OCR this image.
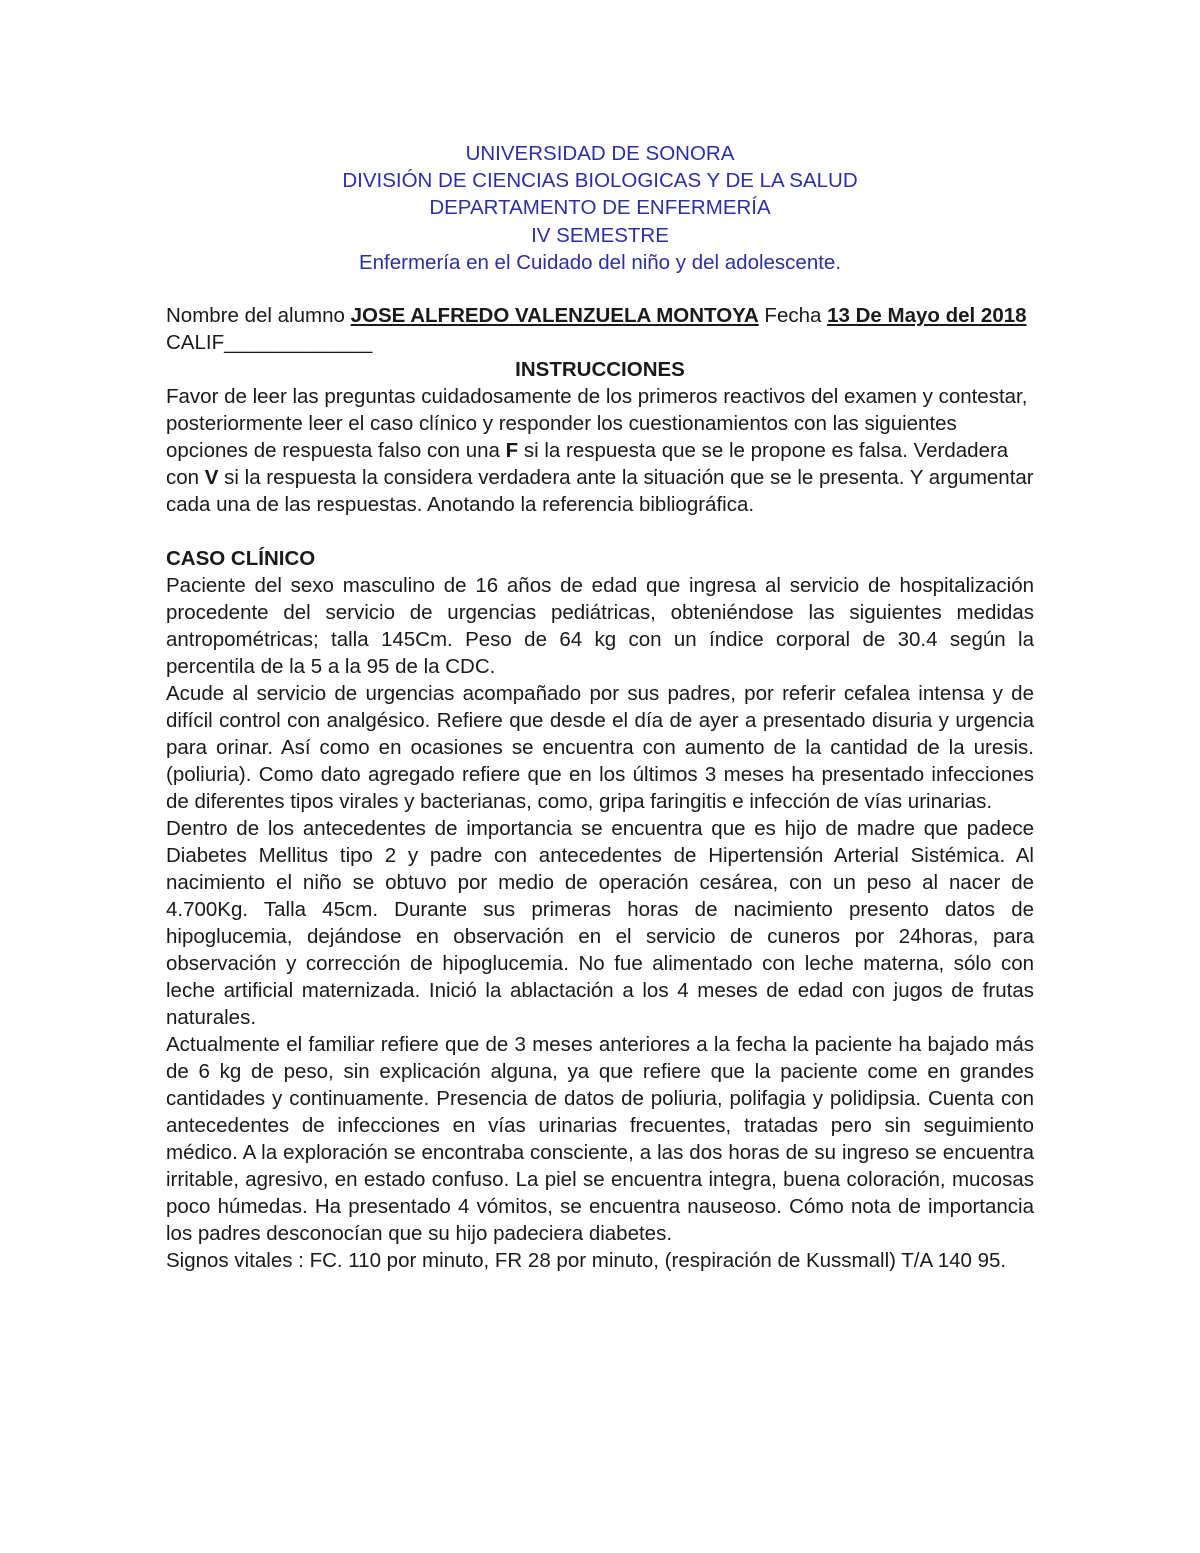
UNIVERSIDAD DE SONORA
DIVISIÓN DE CIENCIAS BIOLOGICAS Y DE LA SALUD
DEPARTAMENTO DE ENFERMERÍA
IV SEMESTRE
Enfermería en el Cuidado del niño y del adolescente.

Nombre del alumno JOSE ALFREDO VALENZUELA MONTOYA Fecha 13 De Mayo del 2018 CALIF_____________

INSTRUCCIONES

Favor de leer las preguntas cuidadosamente de los primeros reactivos del examen y contestar, posteriormente leer el caso clínico y responder los cuestionamientos con las siguientes opciones de respuesta falso con una F si la respuesta que se le propone es falsa. Verdadera con V si la respuesta la considera verdadera ante la situación que se le presenta. Y argumentar cada una de las respuestas. Anotando la referencia bibliográfica.

CASO CLÍNICO

Paciente del sexo masculino de 16 años de edad que ingresa al servicio de hospitalización procedente del servicio de urgencias pediátricas, obteniéndose las siguientes medidas antropométricas; talla 145Cm. Peso de 64 kg con un índice corporal de 30.4 según la percentila de la 5 a la 95 de la CDC.

Acude al servicio de urgencias acompañado por sus padres, por referir cefalea intensa y de difícil control con analgésico. Refiere que desde el día de ayer a presentado disuria y urgencia para orinar. Así como en ocasiones se encuentra con aumento de la cantidad de la uresis. (poliuria). Como dato agregado refiere que en los últimos 3 meses ha presentado infecciones de diferentes tipos virales y bacterianas, como, gripa faringitis e infección de vías urinarias.

Dentro de los antecedentes de importancia se encuentra que es hijo de madre que padece Diabetes Mellitus tipo 2 y padre con antecedentes de Hipertensión Arterial Sistémica. Al nacimiento el niño se obtuvo por medio de operación cesárea, con un peso al nacer de 4.700Kg. Talla 45cm. Durante sus primeras horas de nacimiento presento datos de hipoglucemia, dejándose en observación en el servicio de cuneros por 24horas, para observación y corrección de hipoglucemia. No fue alimentado con leche materna, sólo con leche artificial maternizada. Inició la ablactación a los 4 meses de edad con jugos de frutas naturales.

Actualmente el familiar refiere que de 3 meses anteriores a la fecha la paciente ha bajado más de 6 kg de peso, sin explicación alguna, ya que refiere que la paciente come en grandes cantidades y continuamente. Presencia de datos de poliuria, polifagia y polidipsia. Cuenta con antecedentes de infecciones en vías urinarias frecuentes, tratadas pero sin seguimiento médico. A la exploración se encontraba consciente, a las dos horas de su ingreso se encuentra irritable, agresivo, en estado confuso. La piel se encuentra integra, buena coloración, mucosas poco húmedas. Ha presentado 4 vómitos, se encuentra nauseoso. Cómo nota de importancia los padres desconocían que su hijo padeciera diabetes.

Signos vitales : FC. 110 por minuto, FR 28 por minuto, (respiración de Kussmall) T/A 140 95.
